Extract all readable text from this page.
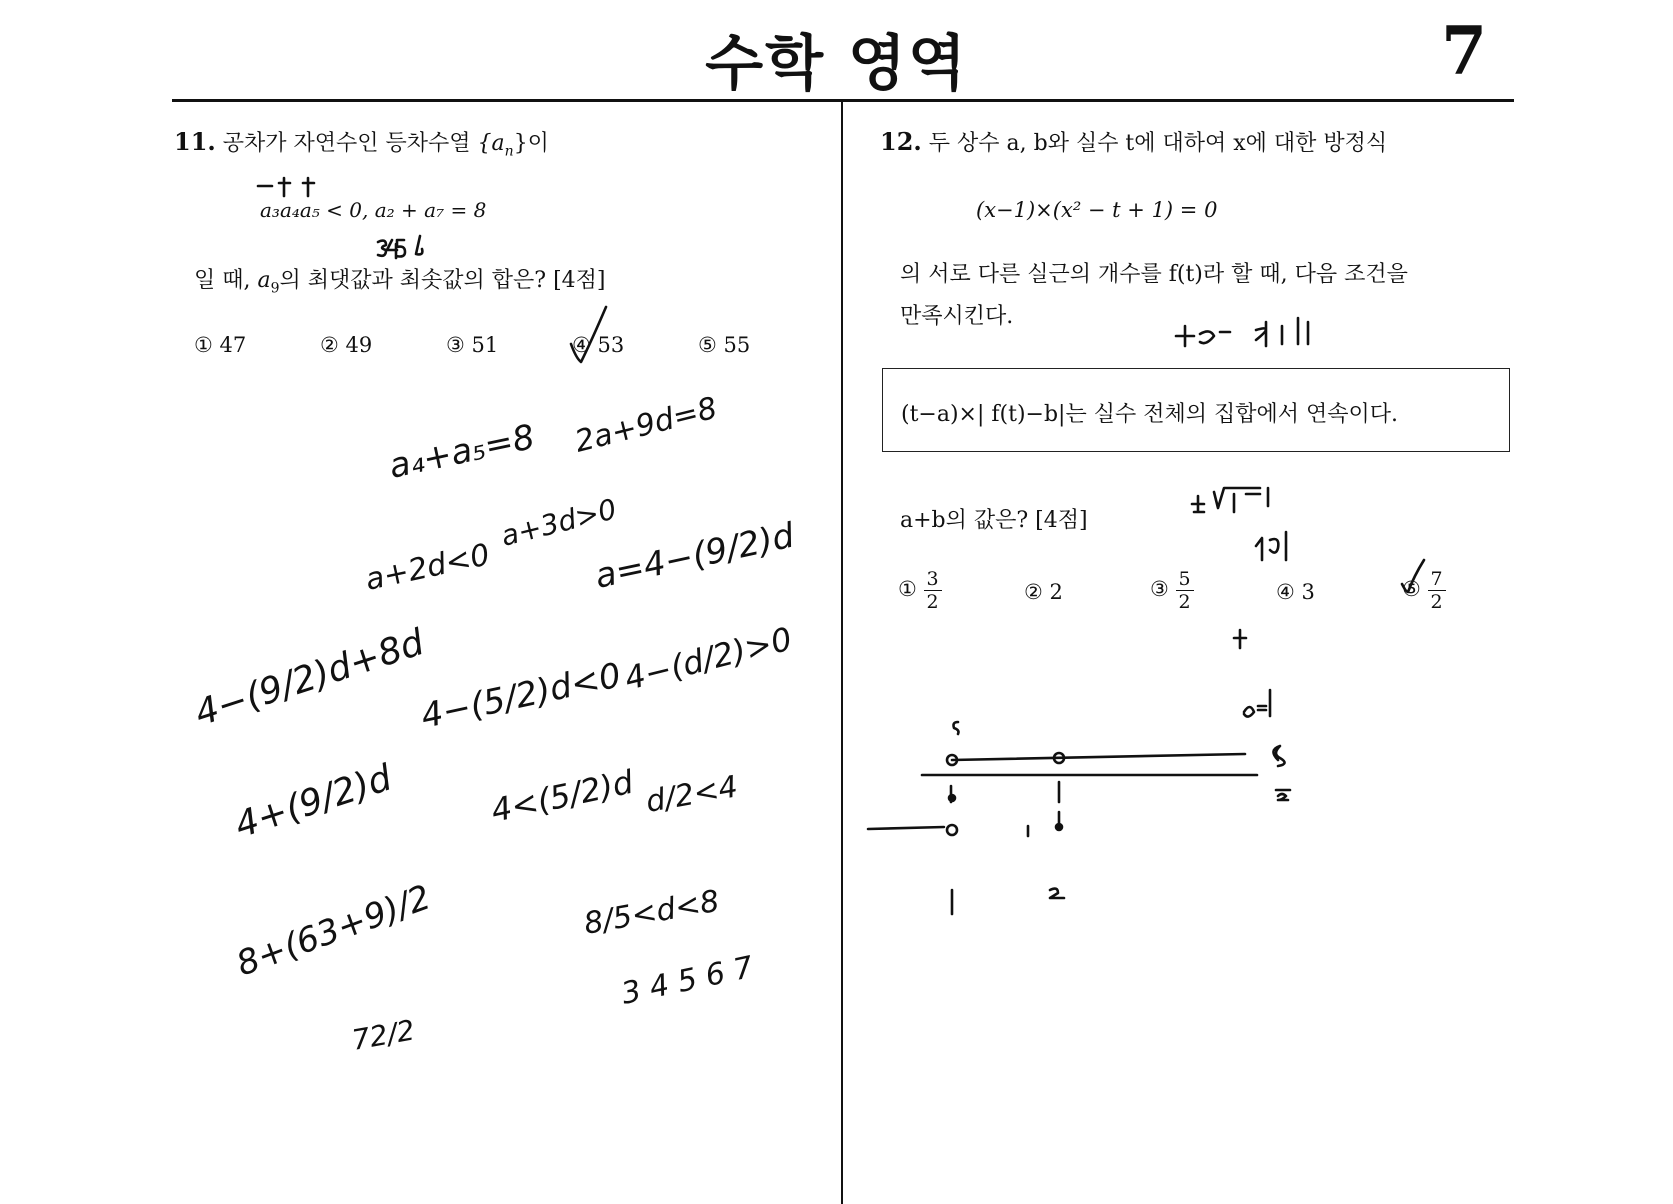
수학 영역	7
11. 공차가 자연수인 등차수열 $\{a_n\}$이
a₃a₄a₅ < 0, a₂ + a₇ = 8
일 때, $a_9$의 최댓값과 최솟값의 합은? [4점]
① 47	② 49	③ 51	④ 53	⑤ 55
12. 두 상수 a, b와 실수 t에 대하여 x에 대한 방정식
(x−1)×(x² − t + 1) = 0
의 서로 다른 실근의 개수를 f(t)라 할 때, 다음 조건을
만족시킨다.
(t−a)×| f(t)−b|는 실수 전체의 집합에서 연속이다.
a+b의 값은? [4점]
① $\frac{3}{2}$	② 2	③ $\frac{5}{2}$	④ 3	⑤ $\frac{7}{2}$
a₄+a₅=8 2a+9d=8
a+2d<0
a+3d>0
a=4−(9/2)d
4−(9/2)d+8d
4−(5/2)d<0
4−(d/2)>0
4+(9/2)d	4<(5/2)d d/2<4
8/5<d<8
8+(63+9)/2	3 4 5 6 7
72/2
